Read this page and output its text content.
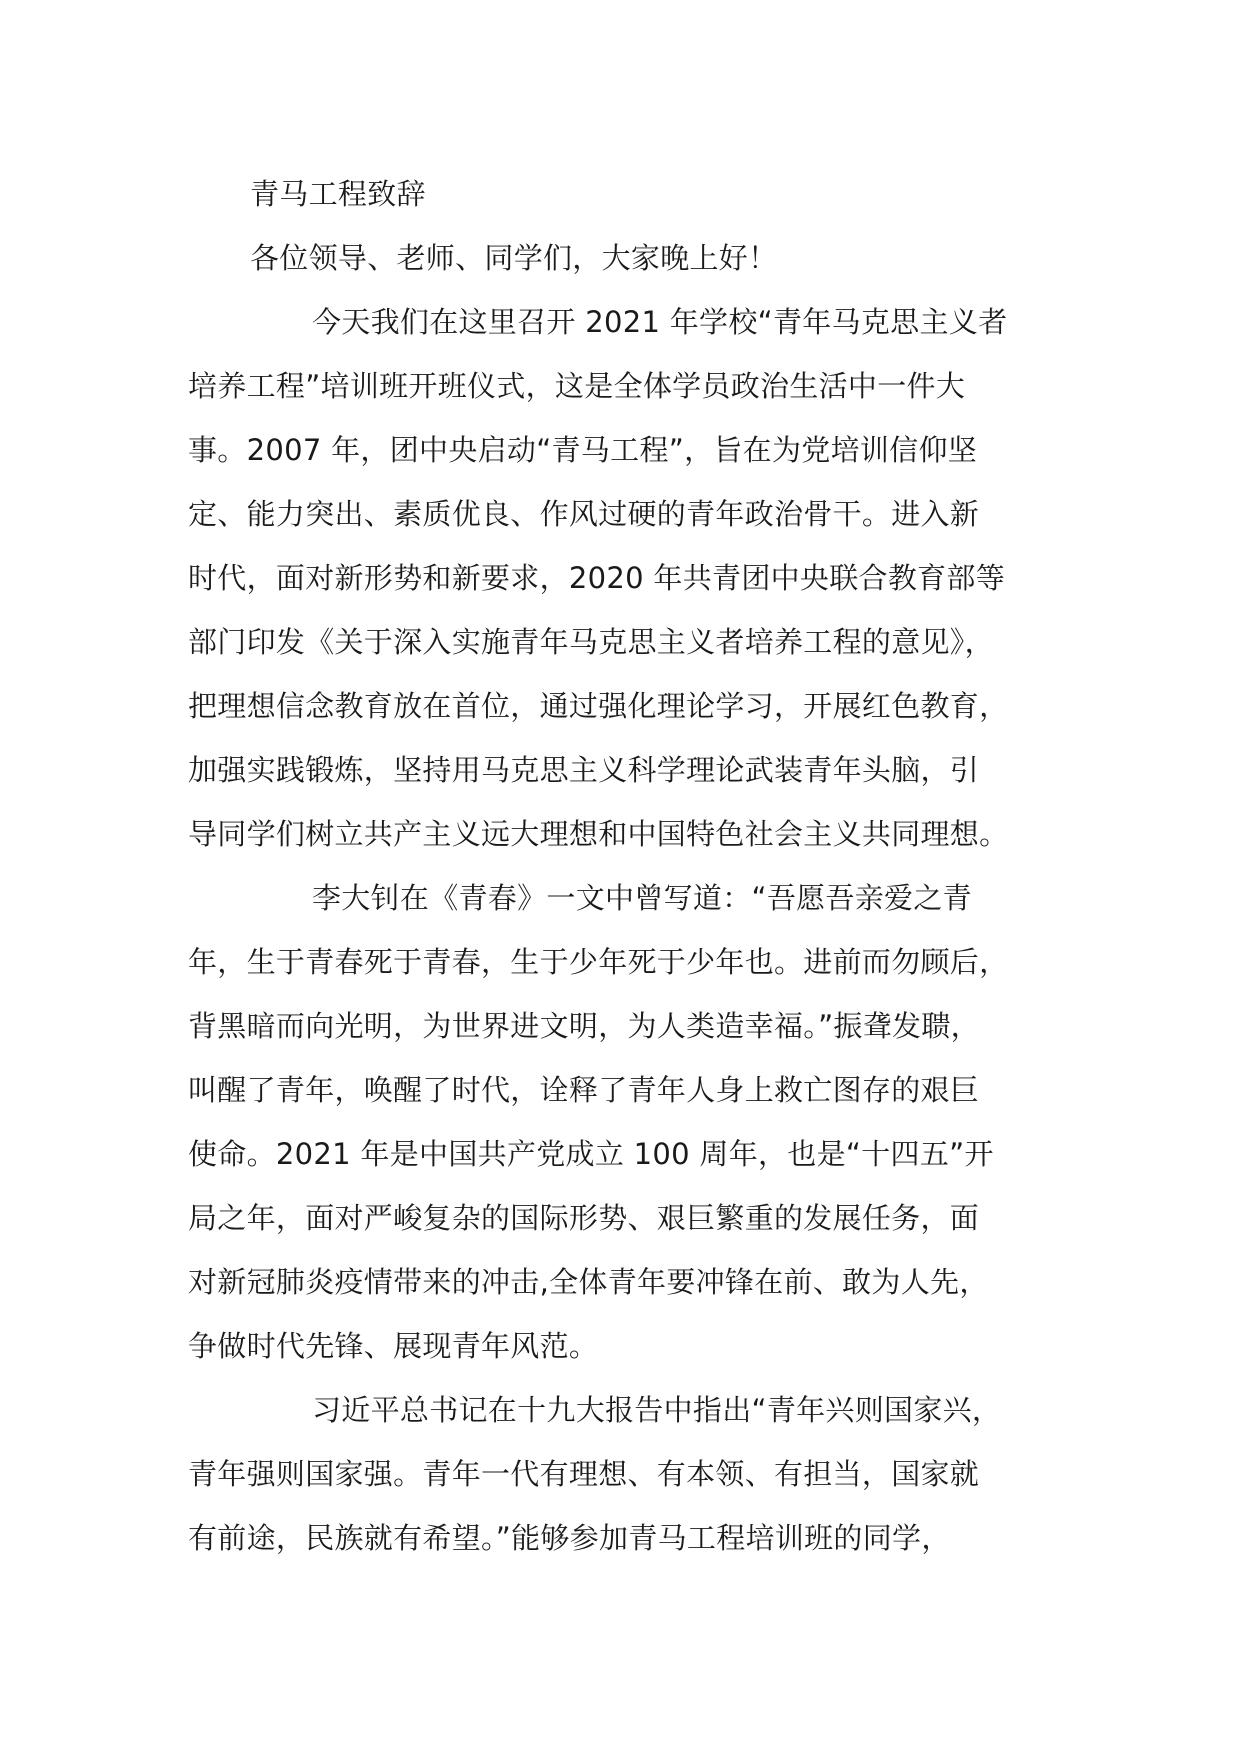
青马工程致辞
各位领导、老师、同学们，大家晚上好！
今天我们在这里召开 2021 年学校“青年马克思主义者
培养工程”培训班开班仪式，这是全体学员政治生活中一件大
事。2007 年，团中央启动“青马工程”，旨在为党培训信仰坚
定、能力突出、素质优良、作风过硬的青年政治骨干。进入新
时代，面对新形势和新要求，2020 年共青团中央联合教育部等
部门印发《关于深入实施青年马克思主义者培养工程的意见》，
把理想信念教育放在首位，通过强化理论学习，开展红色教育，
加强实践锻炼，坚持用马克思主义科学理论武装青年头脑，引
导同学们树立共产主义远大理想和中国特色社会主义共同理想。
李大钊在《青春》一文中曾写道：“吾愿吾亲爱之青
年，生于青春死于青春，生于少年死于少年也。进前而勿顾后，
背黑暗而向光明，为世界进文明，为人类造幸福。”振聋发聩，
叫醒了青年，唤醒了时代，诠释了青年人身上救亡图存的艰巨
使命。2021 年是中国共产党成立 100 周年，也是“十四五”开
局之年，面对严峻复杂的国际形势、艰巨繁重的发展任务，面
对新冠肺炎疫情带来的冲击,全体青年要冲锋在前、敢为人先，
争做时代先锋、展现青年风范。
习近平总书记在十九大报告中指出“青年兴则国家兴，
青年强则国家强。青年一代有理想、有本领、有担当，国家就
有前途，民族就有希望。”能够参加青马工程培训班的同学，
